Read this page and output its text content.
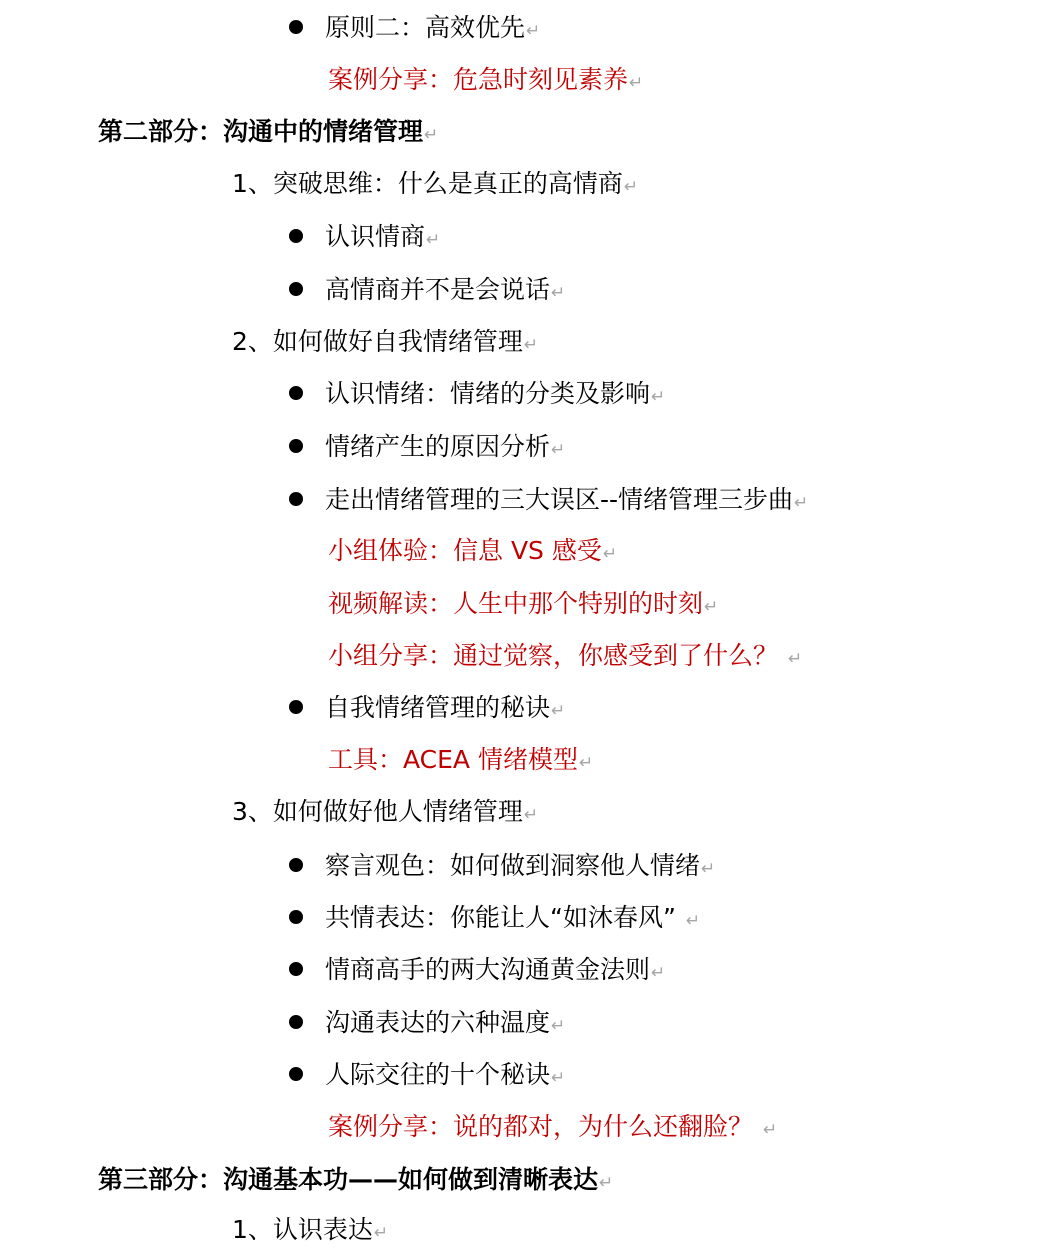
原则二：高效优先↵
案例分享：危急时刻见素养↵
第二部分：沟通中的情绪管理↵
1、突破思维：什么是真正的高情商↵
认识情商↵
高情商并不是会说话↵
2、如何做好自我情绪管理↵
认识情绪：情绪的分类及影响↵
情绪产生的原因分析↵
走出情绪管理的三大误区--情绪管理三步曲↵
小组体验：信息 VS 感受↵
视频解读：人生中那个特别的时刻↵
小组分享：通过觉察，你感受到了什么？ ↵
自我情绪管理的秘诀↵
工具：ACEA 情绪模型↵
3、如何做好他人情绪管理↵
察言观色：如何做到洞察他人情绪↵
共情表达：你能让人“如沐春风” ↵
情商高手的两大沟通黄金法则↵
沟通表达的六种温度↵
人际交往的十个秘诀↵
案例分享：说的都对，为什么还翻脸？ ↵
第三部分：沟通基本功——如何做到清晰表达↵
1、认识表达↵
